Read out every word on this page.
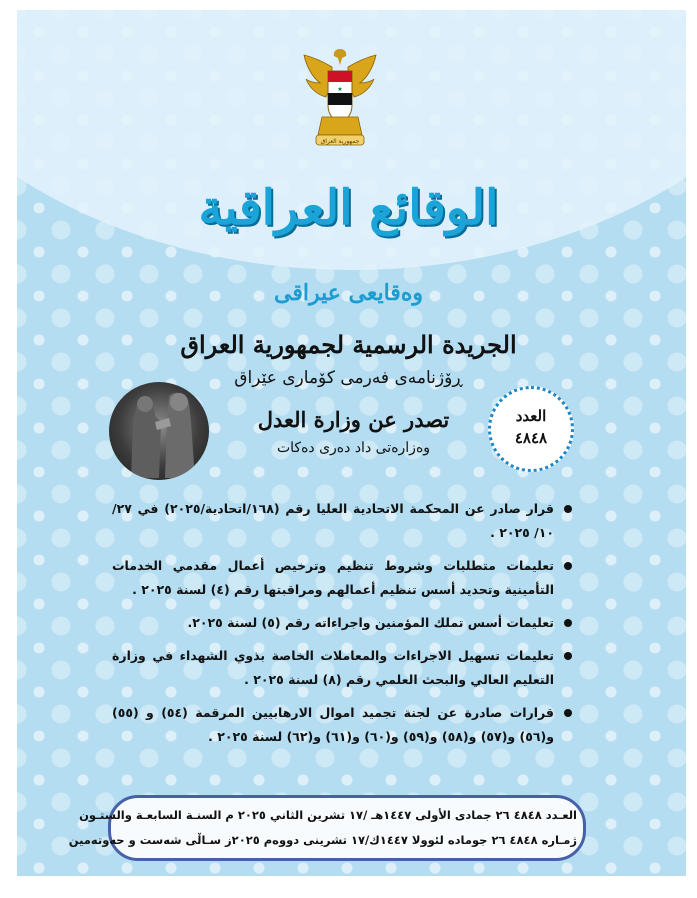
★
جمهورية العراق
الوقائع العراقية
وەقایعی عیراقی
الجريدة الرسمية لجمهورية العراق
ڕۆژنامەی فەرمی کۆماری عێراق
العدد
٤٨٤٨
تصدر عن وزارة العدل
وەزارەتی داد دەری دەکات
قرار صادر عن المحكمة الاتحادية العليا رقم (١٦٨/اتحادية/٢٠٢٥) في ٢٧/ ١٠/ ٢٠٢٥ .
تعليمات متطلبات وشروط تنظيم وترخيص أعمال مقدمي الخدمات التأمينية وتحديد أسس تنظيم أعمالهم ومراقبتها رقم (٤) لسنة ٢٠٢٥ .
تعليمات أسس تملك المؤمنين واجراءاته رقم (٥) لسنة ٢٠٢٥.
تعليمات تسهيل الاجراءات والمعاملات الخاصة بذوي الشهداء في وزارة التعليم العالي والبحث العلمي رقم (٨) لسنة ٢٠٢٥ .
قرارات صادرة عن لجنة تجميد اموال الارهابيين المرقمة (٥٤) و (٥٥) و(٥٦) و(٥٧) و(٥٨) و(٥٩) و(٦٠) و(٦١) و(٦٢) لسنة ٢٠٢٥ .
العـدد ٤٨٤٨ ٢٦ جمادى الأولى ١٤٤٧هـ /١٧ تشرين الثاني ٢٠٢٥ م السنـة السابعـة والستـون
ژمـاره ٤٨٤٨ ٢٦ جوماده لئوولا ١٤٤٧ك/١٧ تشرینی دووەم ٢٠٢٥ز سـاڵی شەست و حەوتەمین
